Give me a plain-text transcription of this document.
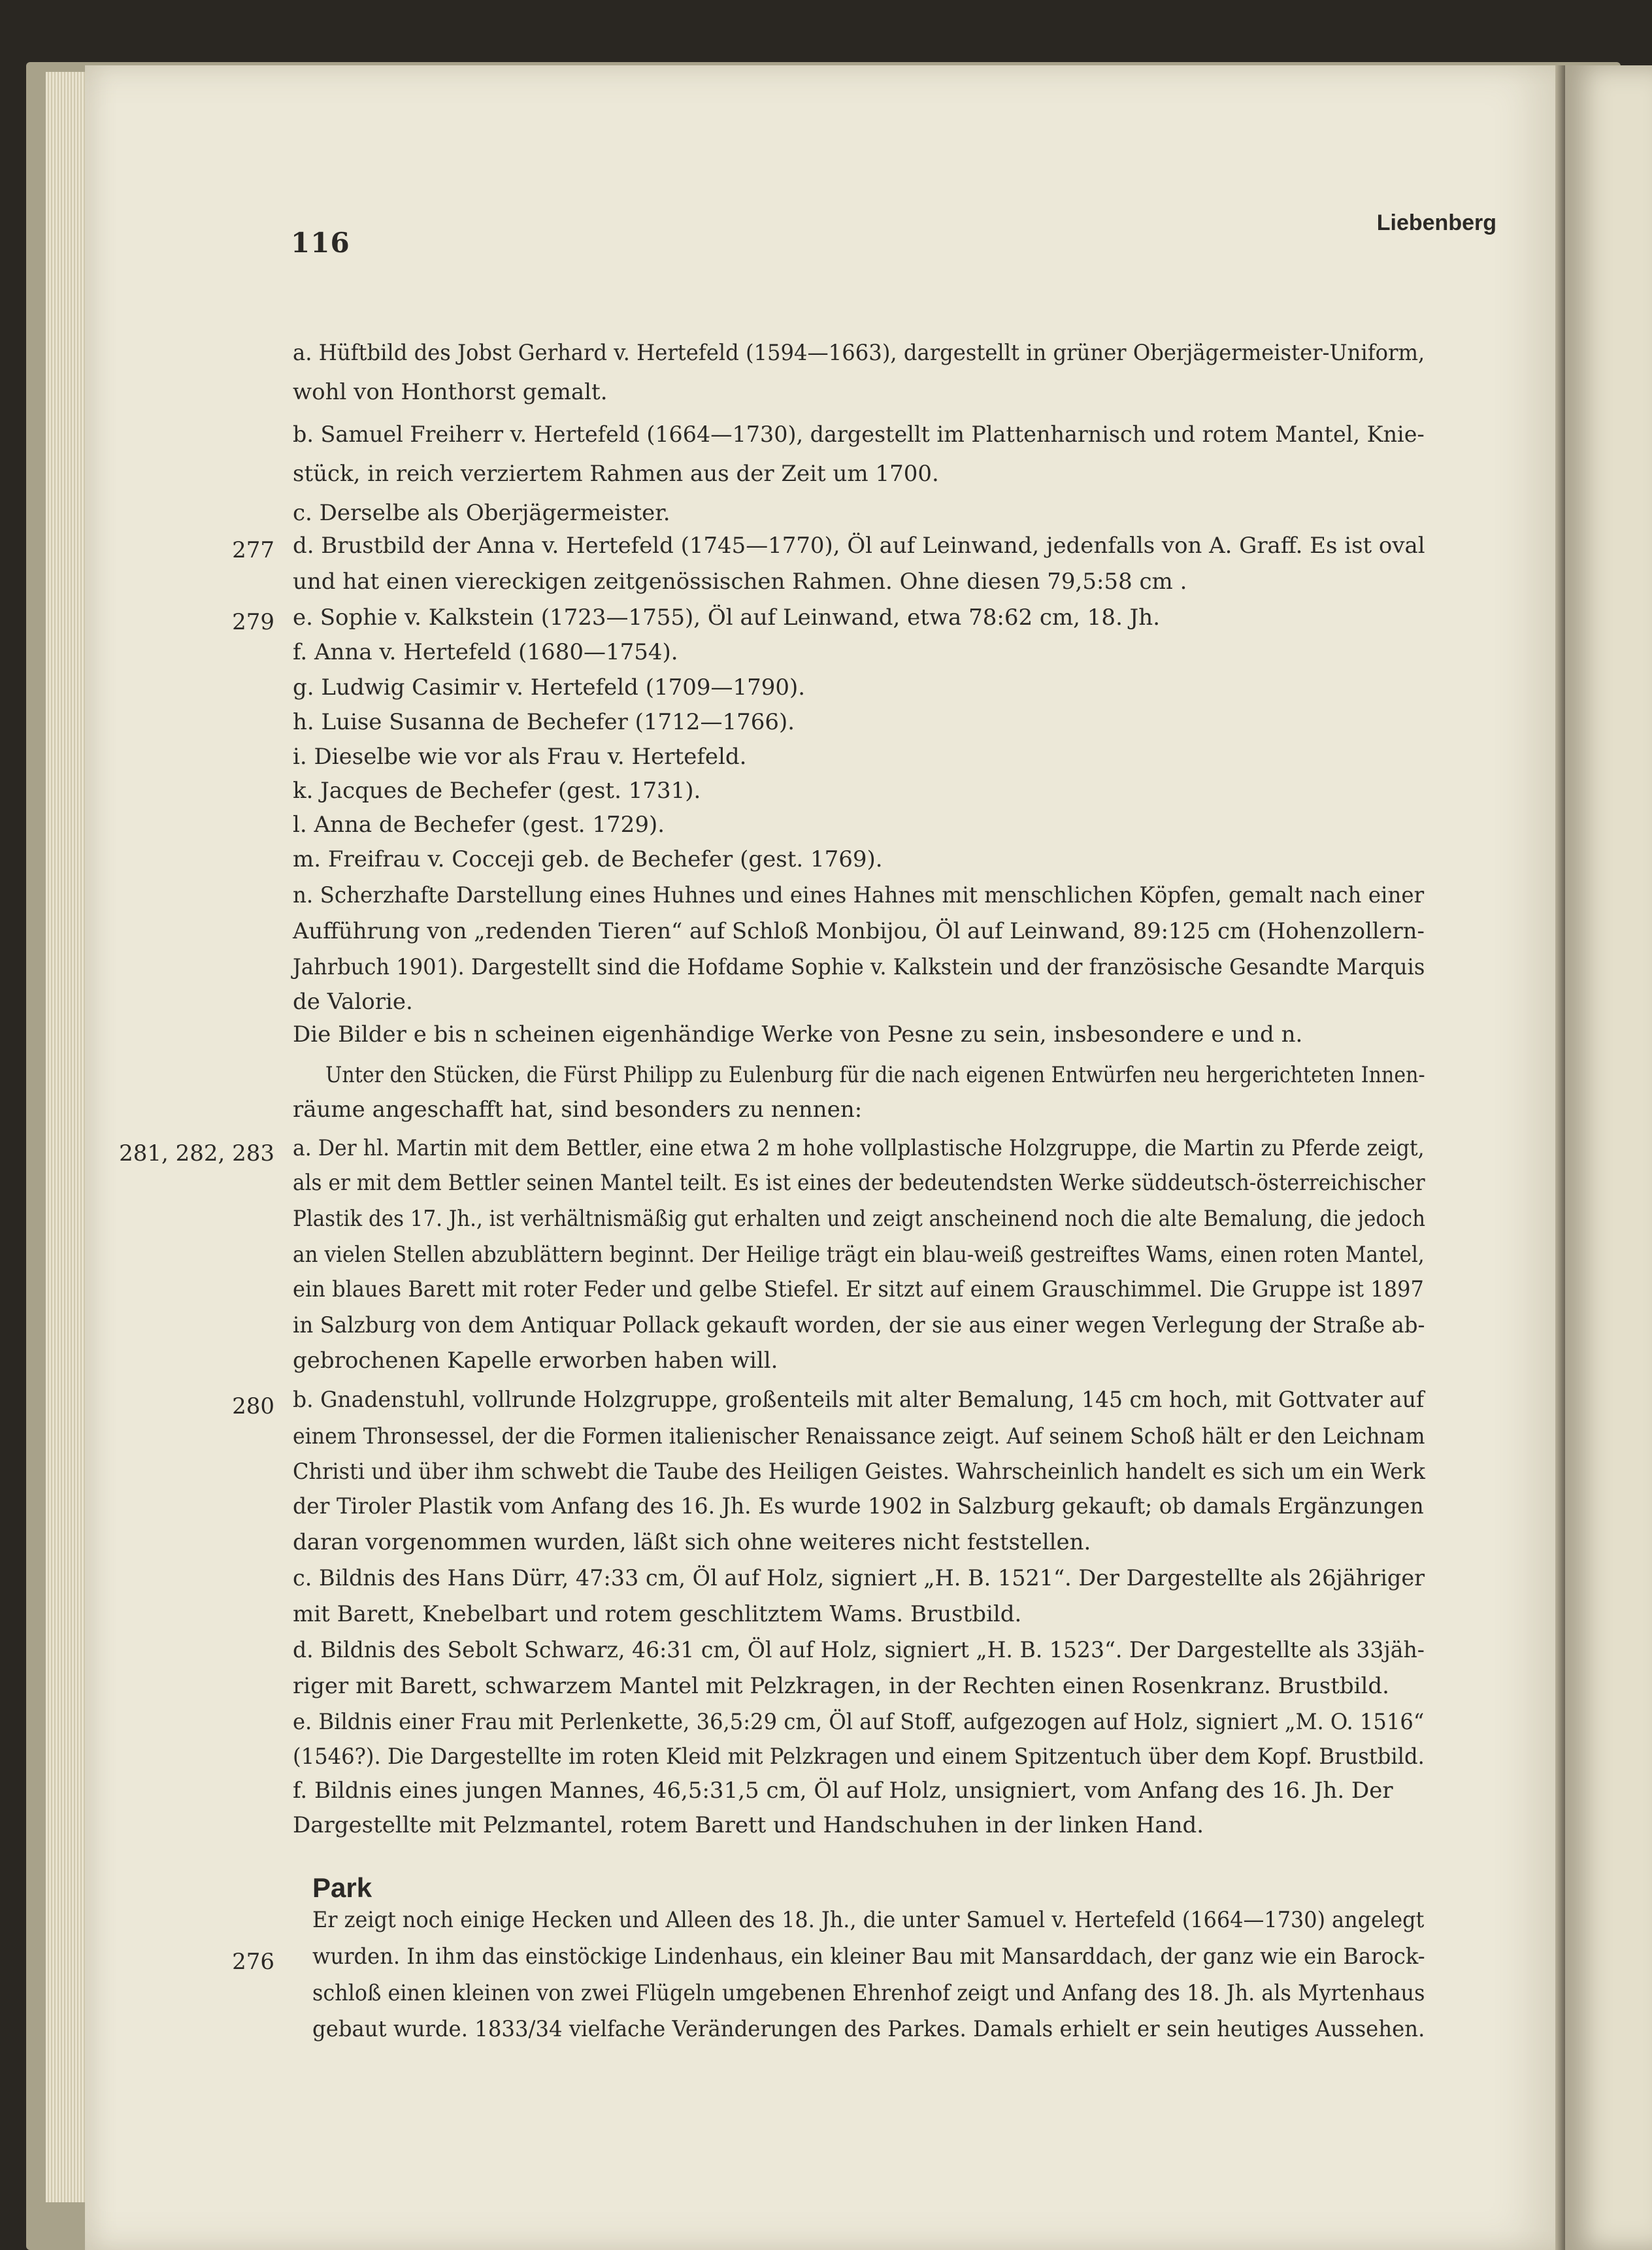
116
Liebenberg
a. Hüftbild des Jobst Gerhard v. Hertefeld (1594—1663), dargestellt in grüner Oberjägermeister-Uniform,
wohl von Honthorst gemalt.
b. Samuel Freiherr v. Hertefeld (1664—1730), dargestellt im Plattenharnisch und rotem Mantel, Knie-
stück, in reich verziertem Rahmen aus der Zeit um 1700.
c. Derselbe als Oberjägermeister.
d. Brustbild der Anna v. Hertefeld (1745—1770), Öl auf Leinwand, jedenfalls von A. Graff. Es ist oval
und hat einen viereckigen zeitgenössischen Rahmen. Ohne diesen 79,5:58 cm .
e. Sophie v. Kalkstein (1723—1755), Öl auf Leinwand, etwa 78:62 cm, 18. Jh.
f. Anna v. Hertefeld (1680—1754).
g. Ludwig Casimir v. Hertefeld (1709—1790).
h. Luise Susanna de Bechefer (1712—1766).
i. Dieselbe wie vor als Frau v. Hertefeld.
k. Jacques de Bechefer (gest. 1731).
l. Anna de Bechefer (gest. 1729).
m. Freifrau v. Cocceji geb. de Bechefer (gest. 1769).
n. Scherzhafte Darstellung eines Huhnes und eines Hahnes mit menschlichen Köpfen, gemalt nach einer
Aufführung von „redenden Tieren“ auf Schloß Monbijou, Öl auf Leinwand, 89:125 cm (Hohenzollern-
Jahrbuch 1901). Dargestellt sind die Hofdame Sophie v. Kalkstein und der französische Gesandte Marquis
de Valorie.
Die Bilder e bis n scheinen eigenhändige Werke von Pesne zu sein, insbesondere e und n.
Unter den Stücken, die Fürst Philipp zu Eulenburg für die nach eigenen Entwürfen neu hergerichteten Innen-
räume angeschafft hat, sind besonders zu nennen:
a. Der hl. Martin mit dem Bettler, eine etwa 2 m hohe vollplastische Holzgruppe, die Martin zu Pferde zeigt,
als er mit dem Bettler seinen Mantel teilt. Es ist eines der bedeutendsten Werke süddeutsch-österreichischer
Plastik des 17. Jh., ist verhältnismäßig gut erhalten und zeigt anscheinend noch die alte Bemalung, die jedoch
an vielen Stellen abzublättern beginnt. Der Heilige trägt ein blau-weiß gestreiftes Wams, einen roten Mantel,
ein blaues Barett mit roter Feder und gelbe Stiefel. Er sitzt auf einem Grauschimmel. Die Gruppe ist 1897
in Salzburg von dem Antiquar Pollack gekauft worden, der sie aus einer wegen Verlegung der Straße ab-
gebrochenen Kapelle erworben haben will.
b. Gnadenstuhl, vollrunde Holzgruppe, großenteils mit alter Bemalung, 145 cm hoch, mit Gottvater auf
einem Thronsessel, der die Formen italienischer Renaissance zeigt. Auf seinem Schoß hält er den Leichnam
Christi und über ihm schwebt die Taube des Heiligen Geistes. Wahrscheinlich handelt es sich um ein Werk
der Tiroler Plastik vom Anfang des 16. Jh. Es wurde 1902 in Salzburg gekauft; ob damals Ergänzungen
daran vorgenommen wurden, läßt sich ohne weiteres nicht feststellen.
c. Bildnis des Hans Dürr, 47:33 cm, Öl auf Holz, signiert „H. B. 1521“. Der Dargestellte als 26jähriger
mit Barett, Knebelbart und rotem geschlitztem Wams. Brustbild.
d. Bildnis des Sebolt Schwarz, 46:31 cm, Öl auf Holz, signiert „H. B. 1523“. Der Dargestellte als 33jäh-
riger mit Barett, schwarzem Mantel mit Pelzkragen, in der Rechten einen Rosenkranz. Brustbild.
e. Bildnis einer Frau mit Perlenkette, 36,5:29 cm, Öl auf Stoff, aufgezogen auf Holz, signiert „M. O. 1516“
(1546?). Die Dargestellte im roten Kleid mit Pelzkragen und einem Spitzentuch über dem Kopf. Brustbild.
f. Bildnis eines jungen Mannes, 46,5:31,5 cm, Öl auf Holz, unsigniert, vom Anfang des 16. Jh. Der
Dargestellte mit Pelzmantel, rotem Barett und Handschuhen in der linken Hand.
Park
Er zeigt noch einige Hecken und Alleen des 18. Jh., die unter Samuel v. Hertefeld (1664—1730) angelegt
wurden. In ihm das einstöckige Lindenhaus, ein kleiner Bau mit Mansarddach, der ganz wie ein Barock-
schloß einen kleinen von zwei Flügeln umgebenen Ehrenhof zeigt und Anfang des 18. Jh. als Myrtenhaus
gebaut wurde. 1833/34 vielfache Veränderungen des Parkes. Damals erhielt er sein heutiges Aussehen.
277
279
281, 282, 283
280
276
